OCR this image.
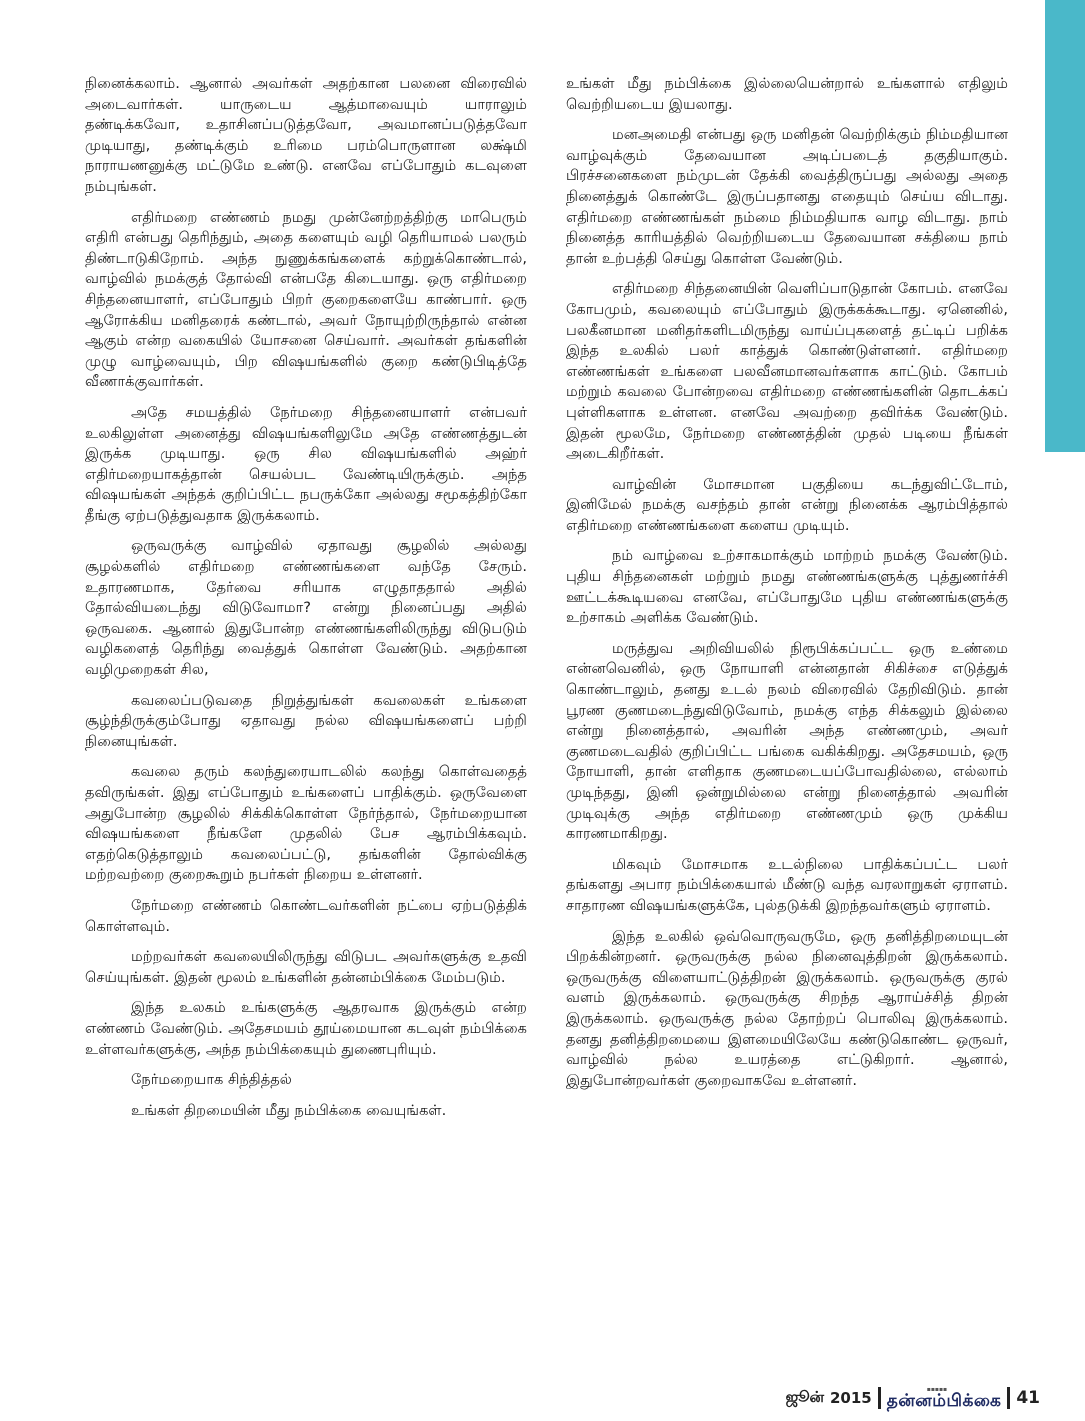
நினைக்கலாம். ஆனால் அவர்கள் அதற்கான பலனை விரைவில் அடைவார்கள். யாருடைய ஆத்மாவையும் யாராலும் தண்டிக்கவோ, உதாசினப்படுத்தவோ, அவமானப்படுத்தவோ முடியாது, தண்டிக்கும் உரிமை பரம்பொருளான லக்ஷ்மி நாராயணனுக்கு மட்டுமே உண்டு. எனவே எப்போதும் கடவுளை நம்புங்கள்.

எதிர்மறை எண்ணம் நமது முன்னேற்றத்திற்கு மாபெரும் எதிரி என்பது தெரிந்தும், அதை களையும் வழி தெரியாமல் பலரும் திண்டாடுகிறோம். அந்த நுணுக்கங்களைக் கற்றுக்கொண்டால், வாழ்வில் நமக்குத் தோல்வி என்பதே கிடையாது. ஒரு எதிர்மறை சிந்தனையாளர், எப்போதும் பிறர் குறைகளையே காண்பார். ஒரு ஆரோக்கிய மனிதரைக் கண்டால், அவர் நோயுற்றிருந்தால் என்ன ஆகும் என்ற வகையில் யோசனை செய்வார். அவர்கள் தங்களின் முழு வாழ்வையும், பிற விஷயங்களில் குறை கண்டுபிடித்தே வீணாக்குவார்கள்.

அதே சமயத்தில் நேர்மறை சிந்தனையாளர் என்பவர் உலகிலுள்ள அனைத்து விஷயங்களிலுமே அதே எண்ணத்துடன் இருக்க முடியாது. ஒரு சில விஷயங்களில் அஹ்ர் எதிர்மறையாகத்தான் செயல்பட வேண்டியிருக்கும். அந்த விஷயங்கள் அந்தக் குறிப்பிட்ட நபருக்கோ அல்லது சமூகத்திற்கோ தீங்கு ஏற்படுத்துவதாக இருக்கலாம்.

ஒருவருக்கு வாழ்வில் ஏதாவது சூழலில் அல்லது சூழல்களில் எதிர்மறை எண்ணங்களை வந்தே சேரும். உதாரணமாக, தேர்வை சரியாக எழுதாததால் அதில் தோல்வியடைந்து விடுவோமா? என்று நினைப்பது அதில் ஒருவகை. ஆனால் இதுபோன்ற எண்ணங்களிலிருந்து விடுபடும் வழிகளைத் தெரிந்து வைத்துக் கொள்ள வேண்டும். அதற்கான வழிமுறைகள் சில,

கவலைப்படுவதை நிறுத்துங்கள் கவலைகள் உங்களை சூழ்ந்திருக்கும்போது ஏதாவது நல்ல விஷயங்களைப் பற்றி நினையுங்கள்.

கவலை தரும் கலந்துரையாடலில் கலந்து கொள்வதைத் தவிருங்கள். இது எப்போதும் உங்களைப் பாதிக்கும். ஒருவேளை அதுபோன்ற சூழலில் சிக்கிக்கொள்ள நேர்ந்தால், நேர்மறையான விஷயங்களை நீங்களே முதலில் பேச ஆரம்பிக்கவும். எதற்கெடுத்தாலும் கவலைப்பட்டு, தங்களின் தோல்விக்கு மற்றவற்றை குறைகூறும் நபர்கள் நிறைய உள்ளனர்.

நேர்மறை எண்ணம் கொண்டவர்களின் நட்பை ஏற்படுத்திக் கொள்ளவும்.

மற்றவர்கள் கவலையிலிருந்து விடுபட அவர்களுக்கு உதவி செய்யுங்கள். இதன் மூலம் உங்களின் தன்னம்பிக்கை மேம்படும்.

இந்த உலகம் உங்களுக்கு ஆதரவாக இருக்கும் என்ற எண்ணம் வேண்டும். அதேசமயம் தூய்மையான கடவுள் நம்பிக்கை உள்ளவர்களுக்கு, அந்த நம்பிக்கையும் துணைபுரியும்.

நேர்மறையாக சிந்தித்தல்

உங்கள் திறமையின் மீது நம்பிக்கை வையுங்கள்.

உங்கள் மீது நம்பிக்கை இல்லையென்றால் உங்களால் எதிலும் வெற்றியடைய இயலாது.

மனஅமைதி என்பது ஒரு மனிதன் வெற்றிக்கும் நிம்மதியான வாழ்வுக்கும் தேவையான அடிப்படைத் தகுதியாகும். பிரச்சனைகளை நம்முடன் தேக்கி வைத்திருப்பது அல்லது அதை நினைத்துக் கொண்டே இருப்பதானது எதையும் செய்ய விடாது. எதிர்மறை எண்ணங்கள் நம்மை நிம்மதியாக வாழ விடாது. நாம் நினைத்த காரியத்தில் வெற்றியடைய தேவையான சக்தியை நாம் தான் உற்பத்தி செய்து கொள்ள வேண்டும்.

எதிர்மறை சிந்தனையின் வெளிப்பாடுதான் கோபம். எனவே கோபமும், கவலையும் எப்போதும் இருக்கக்கூடாது. ஏனெனில், பலகீனமான மனிதர்களிடமிருந்து வாய்ப்புகளைத் தட்டிப் பறிக்க இந்த உலகில் பலர் காத்துக் கொண்டுள்ளனர். எதிர்மறை எண்ணங்கள் உங்களை பலவீனமானவர்களாக காட்டும். கோபம் மற்றும் கவலை போன்றவை எதிர்மறை எண்ணங்களின் தொடக்கப் புள்ளிகளாக உள்ளன. எனவே அவற்றை தவிர்க்க வேண்டும். இதன் மூலமே, நேர்மறை எண்ணத்தின் முதல் படியை நீங்கள் அடைகிறீர்கள்.

வாழ்வின் மோசமான பகுதியை கடந்துவிட்டோம், இனிமேல் நமக்கு வசந்தம் தான் என்று நினைக்க ஆரம்பித்தால் எதிர்மறை எண்ணங்களை களைய முடியும்.

நம் வாழ்வை உற்சாகமாக்கும் மாற்றம் நமக்கு வேண்டும். புதிய சிந்தனைகள் மற்றும் நமது எண்ணங்களுக்கு புத்துணர்ச்சி ஊட்டக்கூடியவை எனவே, எப்போதுமே புதிய எண்ணங்களுக்கு உற்சாகம் அளிக்க வேண்டும்.

மருத்துவ அறிவியலில் நிரூபிக்கப்பட்ட ஒரு உண்மை என்னவெனில், ஒரு நோயாளி என்னதான் சிகிச்சை எடுத்துக் கொண்டாலும், தனது உடல் நலம் விரைவில் தேறிவிடும். தான் பூரண குணமடைந்துவிடுவோம், நமக்கு எந்த சிக்கலும் இல்லை என்று நினைத்தால், அவரின் அந்த எண்ணமும், அவர் குணமடைவதில் குறிப்பிட்ட பங்கை வகிக்கிறது. அதேசமயம், ஒரு நோயாளி, தான் எளிதாக குணமடையப்போவதில்லை, எல்லாம் முடிந்தது, இனி ஒன்றுமில்லை என்று நினைத்தால் அவரின் முடிவுக்கு அந்த எதிர்மறை எண்ணமும் ஒரு முக்கிய காரணமாகிறது.

மிகவும் மோசமாக உடல்நிலை பாதிக்கப்பட்ட பலர் தங்களது அபார நம்பிக்கையால் மீண்டு வந்த வரலாறுகள் ஏராளம். சாதாரண விஷயங்களுக்கே, புல்தடுக்கி இறந்தவர்களும் ஏராளம்.

இந்த உலகில் ஒவ்வொருவருமே, ஒரு தனித்திறமையுடன் பிறக்கின்றனர். ஒருவருக்கு நல்ல நினைவுத்திறன் இருக்கலாம். ஒருவருக்கு விளையாட்டுத்திறன் இருக்கலாம். ஒருவருக்கு குரல் வளம் இருக்கலாம். ஒருவருக்கு சிறந்த ஆராய்ச்சித் திறன் இருக்கலாம். ஒருவருக்கு நல்ல தோற்றப் பொலிவு இருக்கலாம். தனது தனித்திறமையை இளமையிலேயே கண்டுகொண்ட ஒருவர், வாழ்வில் நல்ல உயரத்தை எட்டுகிறார். ஆனால், இதுபோன்றவர்கள் குறைவாகவே உள்ளனர்.

ஜூன் 2015	▪▪▪▪▪
தன்னம்பிக்கை 41
